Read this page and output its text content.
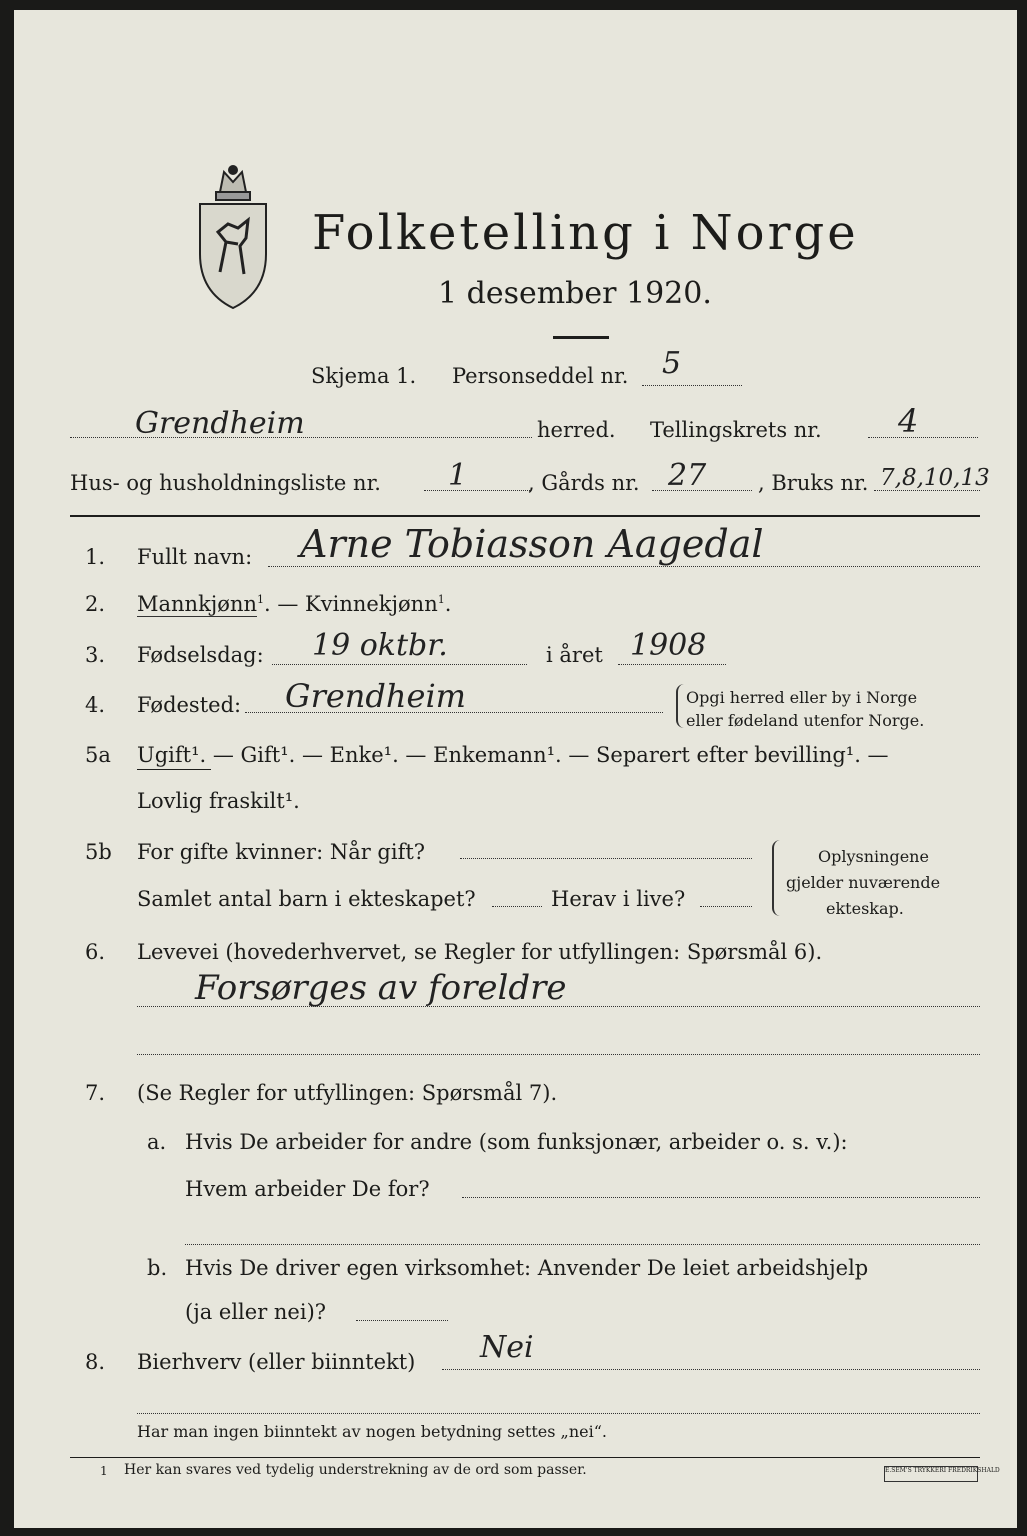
Folketelling i Norge
1 desember 1920.
Skjema 1. Personseddel nr. 5
Grendheim	herred. Tellingskrets nr. 4
Hus- og husholdningsliste nr. 1	, Gårds nr. 27 , Bruks nr. 7,8,10,13
1. Fullt navn: Arne Tobiasson Aagedal
2. Mannkjønn$^1$. — Kvinnekjønn$^1$.
3. Fødselsdag: 19 oktbr.	i året 1908
4. Fødested: Grendheim	Opgi herred eller by i Norge
eller fødeland utenfor Norge.
5a Ugift¹. — Gift¹. — Enke¹. — Enkemann¹. — Separert efter bevilling¹. —
Lovlig fraskilt¹.
5b For gifte kvinner: Når gift?
Samlet antal barn i ekteskapet?	Herav i live?
Oplysningene
gjelder nuværende
ekteskap.
6. Levevei (hovederhvervet, se Regler for utfyllingen: Spørsmål 6).
Forsørges av foreldre
7. (Se Regler for utfyllingen: Spørsmål 7).
a. Hvis De arbeider for andre (som funksjonær, arbeider o. s. v.):
Hvem arbeider De for?
b. Hvis De driver egen virksomhet: Anvender De leiet arbeidshjelp
(ja eller nei)?
8. Bierhverv (eller biinntekt) Nei
Har man ingen biinntekt av nogen betydning settes „nei“.
1 Her kan svares ved tydelig understrekning av de ord som passer.	E.SEM'S TRYKKERI FREDRIKSHALD
